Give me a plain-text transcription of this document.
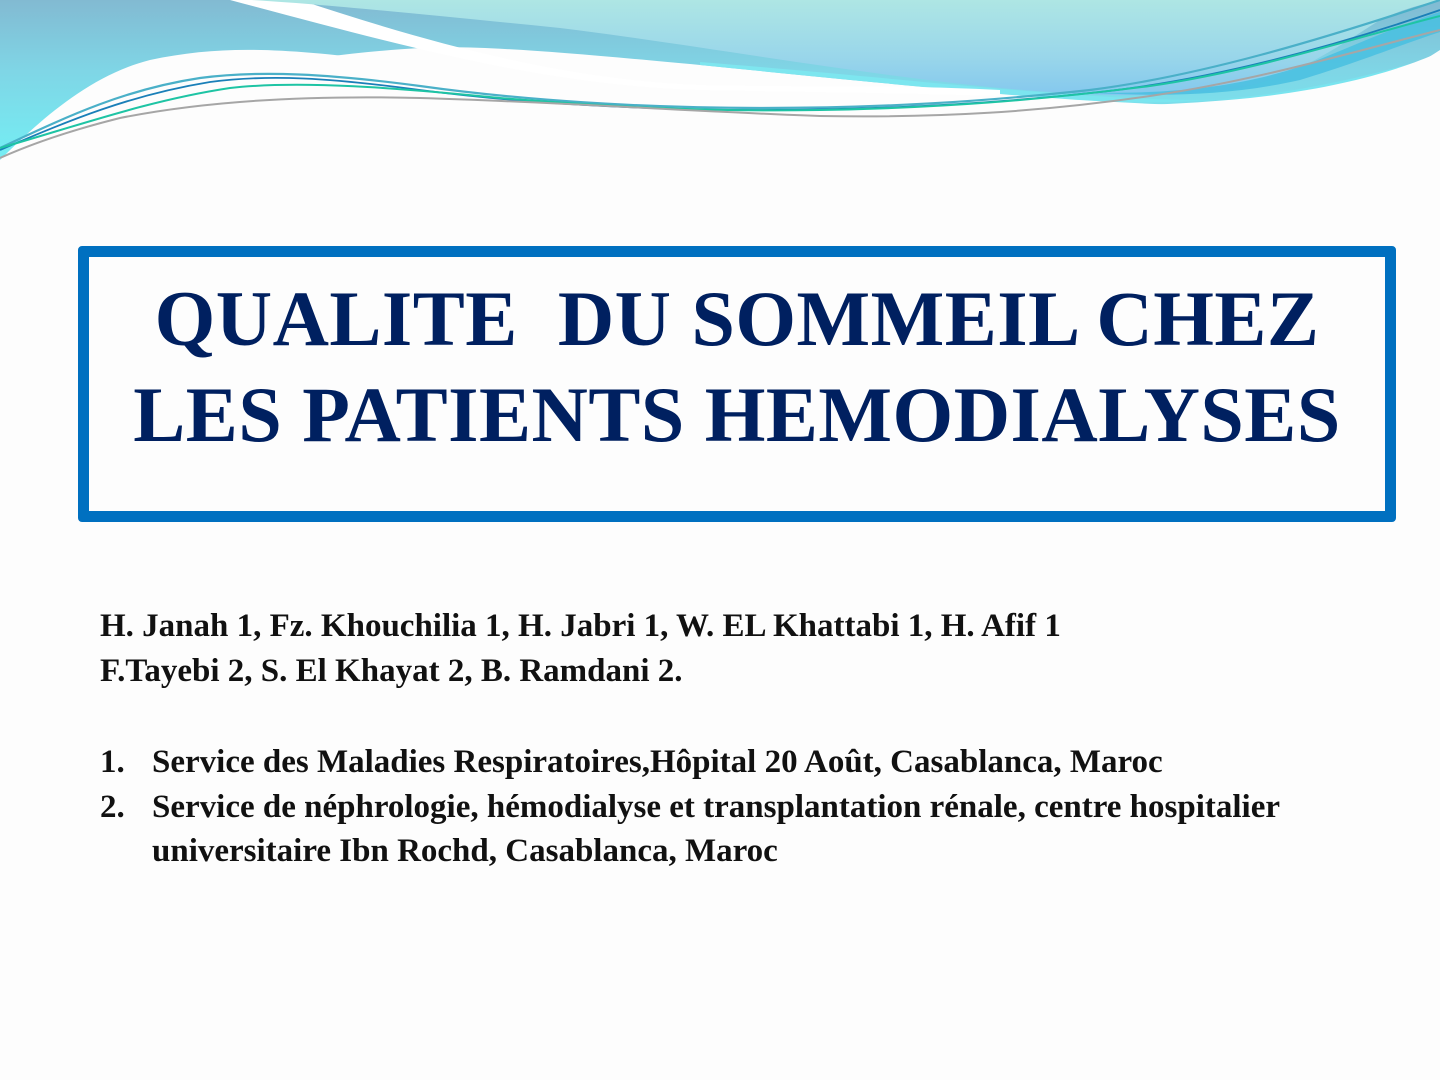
QUALITE  DU SOMMEIL CHEZ
LES PATIENTS HEMODIALYSES
H. Janah 1, Fz. Khouchilia 1, H. Jabri 1, W. EL Khattabi 1, H. Afif 1
F.Tayebi 2, S. El Khayat 2, B. Ramdani 2.
1. Service des Maladies Respiratoires,Hôpital 20 Août, Casablanca, Maroc
2. Service de néphrologie, hémodialyse et transplantation rénale, centre hospitalier universitaire Ibn Rochd, Casablanca, Maroc
